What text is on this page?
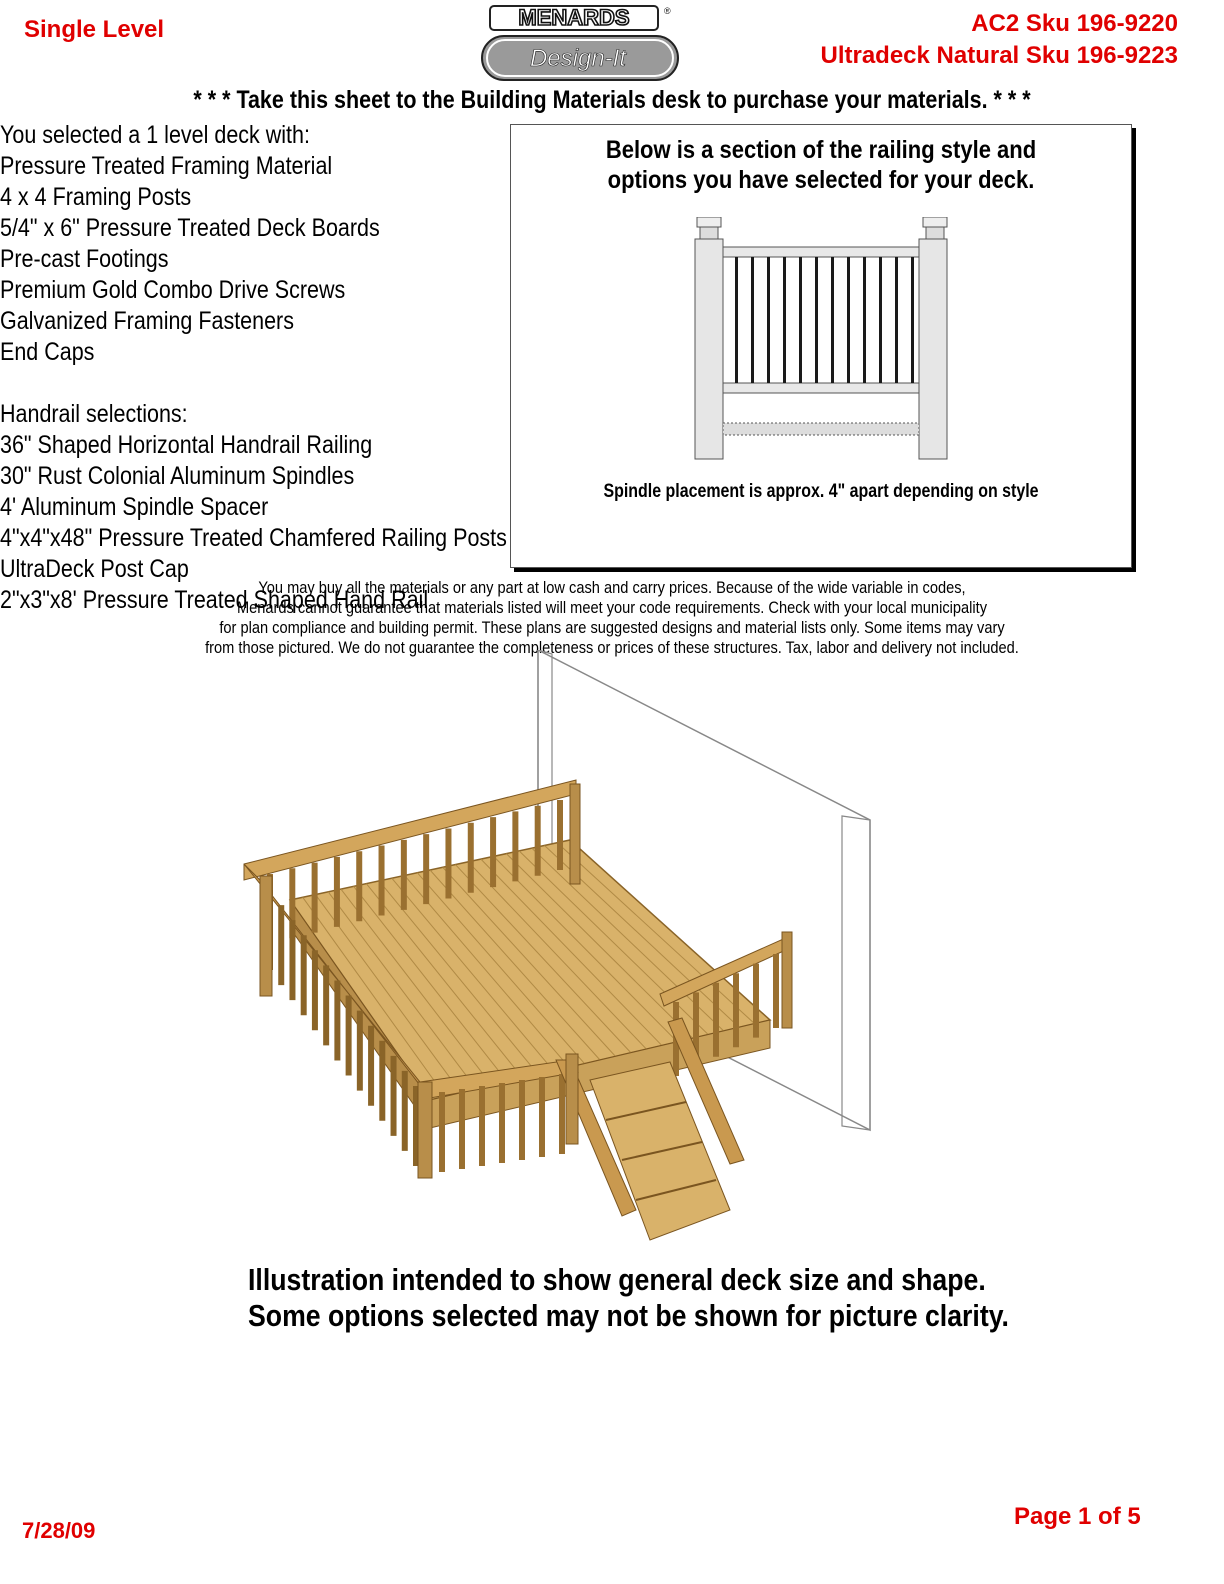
Single Level	MENARDS	®
Design-It
AC2 Sku 196-9220
Ultradeck Natural Sku 196-9223
* * * Take this sheet to the Building Materials desk to purchase your materials. * * *
You selected a 1 level deck with:
Pressure Treated Framing Material
4 x 4 Framing Posts
5/4" x 6" Pressure Treated Deck Boards
Pre-cast Footings
Premium Gold Combo Drive Screws
Galvanized Framing Fasteners
End Caps
Handrail selections:
36" Shaped Horizontal Handrail Railing
30" Rust Colonial Aluminum Spindles
4' Aluminum Spindle Spacer
4"x4"x48" Pressure Treated Chamfered Railing Posts
UltraDeck Post Cap
2"x3"x8' Pressure Treated Shaped Hand Rail
Below is a section of the railing style and
options you have selected for your deck.
Spindle placement is approx. 4" apart depending on style
You may buy all the materials or any part at low cash and carry prices. Because of the wide variable in codes,
Menards cannot guarantee that materials listed will meet your code requirements. Check with your local municipality
for plan compliance and building permit. These plans are suggested designs and material lists only. Some items may vary
from those pictured. We do not guarantee the completeness or prices of these structures. Tax, labor and delivery not included.
Illustration intended to show general deck size and shape.
Some options selected may not be shown for picture clarity.
7/28/09
Page 1 of 5
